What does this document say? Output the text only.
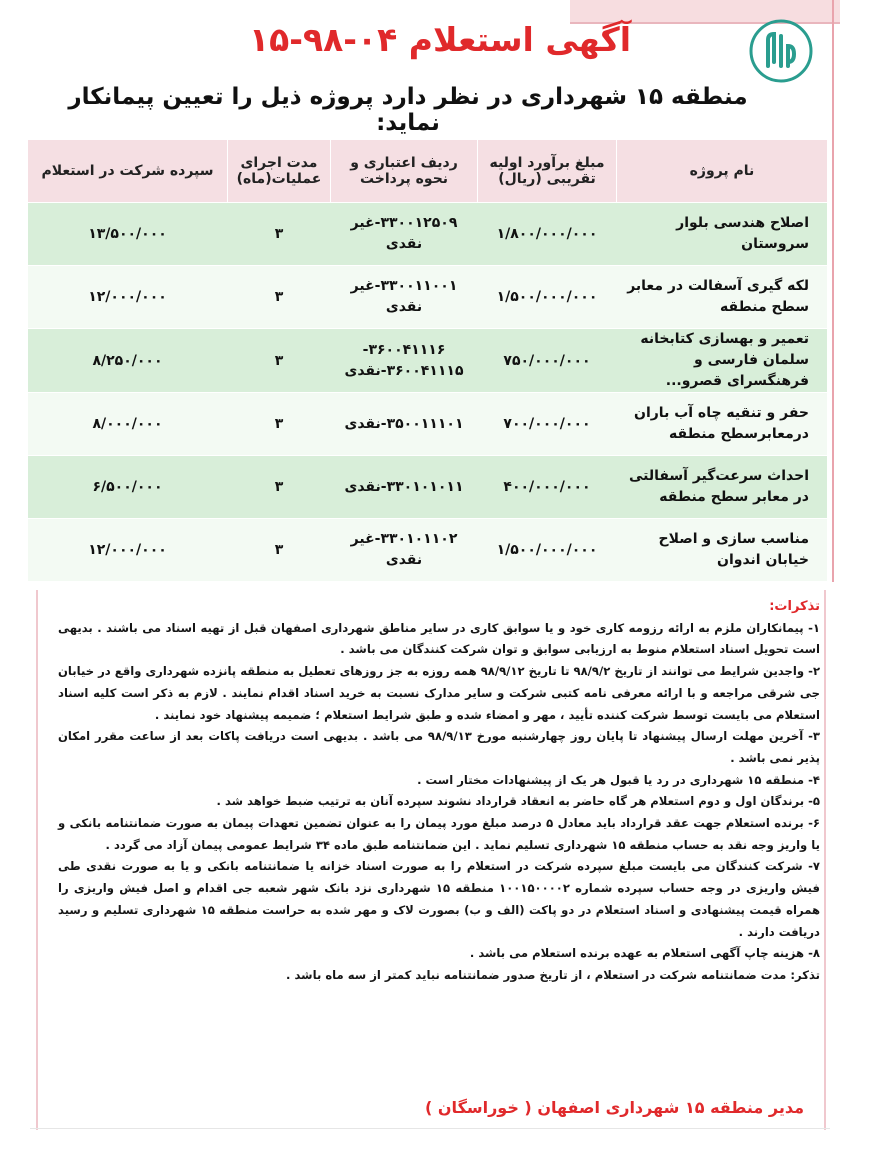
آگهی استعلام ۰۴-۹۸-۱۵
منطقه ۱۵ شهرداری در نظر دارد پروژه ذیل را تعیین پیمانکار نماید:
نام پروژه	مبلغ برآورد اولیه تقریبی (ریال)	ردیف اعتباری و نحوه پرداخت	مدت اجرای عملیات(ماه)	سپرده شرکت در استعلام
اصلاح هندسی بلوار سروستان	۱/۸۰۰/۰۰۰/۰۰۰	۳۳۰۰۱۲۵۰۹-غیر نقدی	۳	۱۳/۵۰۰/۰۰۰
لکه گیری آسفالت در معابر سطح منطقه	۱/۵۰۰/۰۰۰/۰۰۰	۳۳۰۰۱۱۰۰۱-غیر نقدی	۳	۱۲/۰۰۰/۰۰۰
تعمیر و بهسازی کتابخانه سلمان فارسی و فرهنگسرای قصرو...	۷۵۰/۰۰۰/۰۰۰	۳۶۰۰۴۱۱۱۶- ۳۶۰۰۴۱۱۱۵-نقدی	۳	۸/۲۵۰/۰۰۰
حفر و تنقیه چاه آب باران درمعابرسطح منطقه	۷۰۰/۰۰۰/۰۰۰	۳۵۰۰۱۱۱۰۱-نقدی	۳	۸/۰۰۰/۰۰۰
احداث سرعت‌گیر آسفالتی در معابر سطح منطقه	۴۰۰/۰۰۰/۰۰۰	۳۳۰۱۰۱۰۱۱-نقدی	۳	۶/۵۰۰/۰۰۰
مناسب سازی و اصلاح خیابان اندوان	۱/۵۰۰/۰۰۰/۰۰۰	۳۳۰۱۰۱۱۰۲-غیر نقدی	۳	۱۲/۰۰۰/۰۰۰

تذکرات:

۱- پیمانکاران ملزم به ارائه رزومه کاری خود و یا سوابق کاری در سایر مناطق شهرداری اصفهان قبل از تهیه اسناد می باشند . بدیهی است تحویل اسناد استعلام منوط به ارزیابی سوابق و توان شرکت کنندگان می باشد .

۲- واجدین شرایط می توانند از تاریخ ۹۸/۹/۲ تا تاریخ ۹۸/۹/۱۲ همه روزه به جز روزهای تعطیل به منطقه پانزده شهرداری واقع در خیابان جی شرقی مراجعه و با ارائه معرفی نامه کتبی شرکت و سایر مدارک نسبت به خرید اسناد اقدام نمایند . لازم به ذکر است کلیه اسناد استعلام می بایست توسط شرکت کننده تأیید ، مهر و امضاء شده و طبق شرایط استعلام ؛ ضمیمه پیشنهاد خود نمایند .

۳- آخرین مهلت ارسال پیشنهاد تا پایان روز چهارشنبه مورخ ۹۸/۹/۱۳ می باشد . بدیهی است دریافت پاکات بعد از ساعت مقرر امکان پذیر نمی باشد .

۴- منطقه ۱۵ شهرداری در رد یا قبول هر یک از پیشنهادات مختار است .

۵- برندگان اول و دوم استعلام هر گاه حاضر به انعقاد قرارداد نشوند سپرده آنان به ترتیب ضبط خواهد شد .

۶- برنده استعلام جهت عقد قرارداد باید معادل ۵ درصد مبلغ مورد پیمان را به عنوان تضمین تعهدات پیمان به صورت ضمانتنامه بانکی و یا واریز وجه نقد به حساب منطقه ۱۵ شهرداری تسلیم نماید . این ضمانتنامه طبق ماده ۳۴ شرایط عمومی پیمان آزاد می گردد .

۷- شرکت کنندگان می بایست مبلغ سپرده شرکت در استعلام را به صورت اسناد خزانه یا ضمانتنامه بانکی و یا به صورت نقدی طی فیش واریزی در وجه حساب سپرده شماره ۱۰۰۱۵۰۰۰۰۲ منطقه ۱۵ شهرداری نزد بانک شهر شعبه جی اقدام و اصل فیش واریزی را همراه قیمت پیشنهادی و اسناد استعلام در دو پاکت (الف و ب) بصورت لاک و مهر شده به حراست منطقه ۱۵ شهرداری تسلیم و رسید دریافت دارند .

۸- هزینه چاپ آگهی استعلام به عهده برنده استعلام می باشد .

تذکر: مدت ضمانتنامه شرکت در استعلام ، از تاریخ صدور ضمانتنامه نباید کمتر از سه ماه باشد .

مدیر منطقه ۱۵ شهرداری اصفهان ( خوراسگان )
